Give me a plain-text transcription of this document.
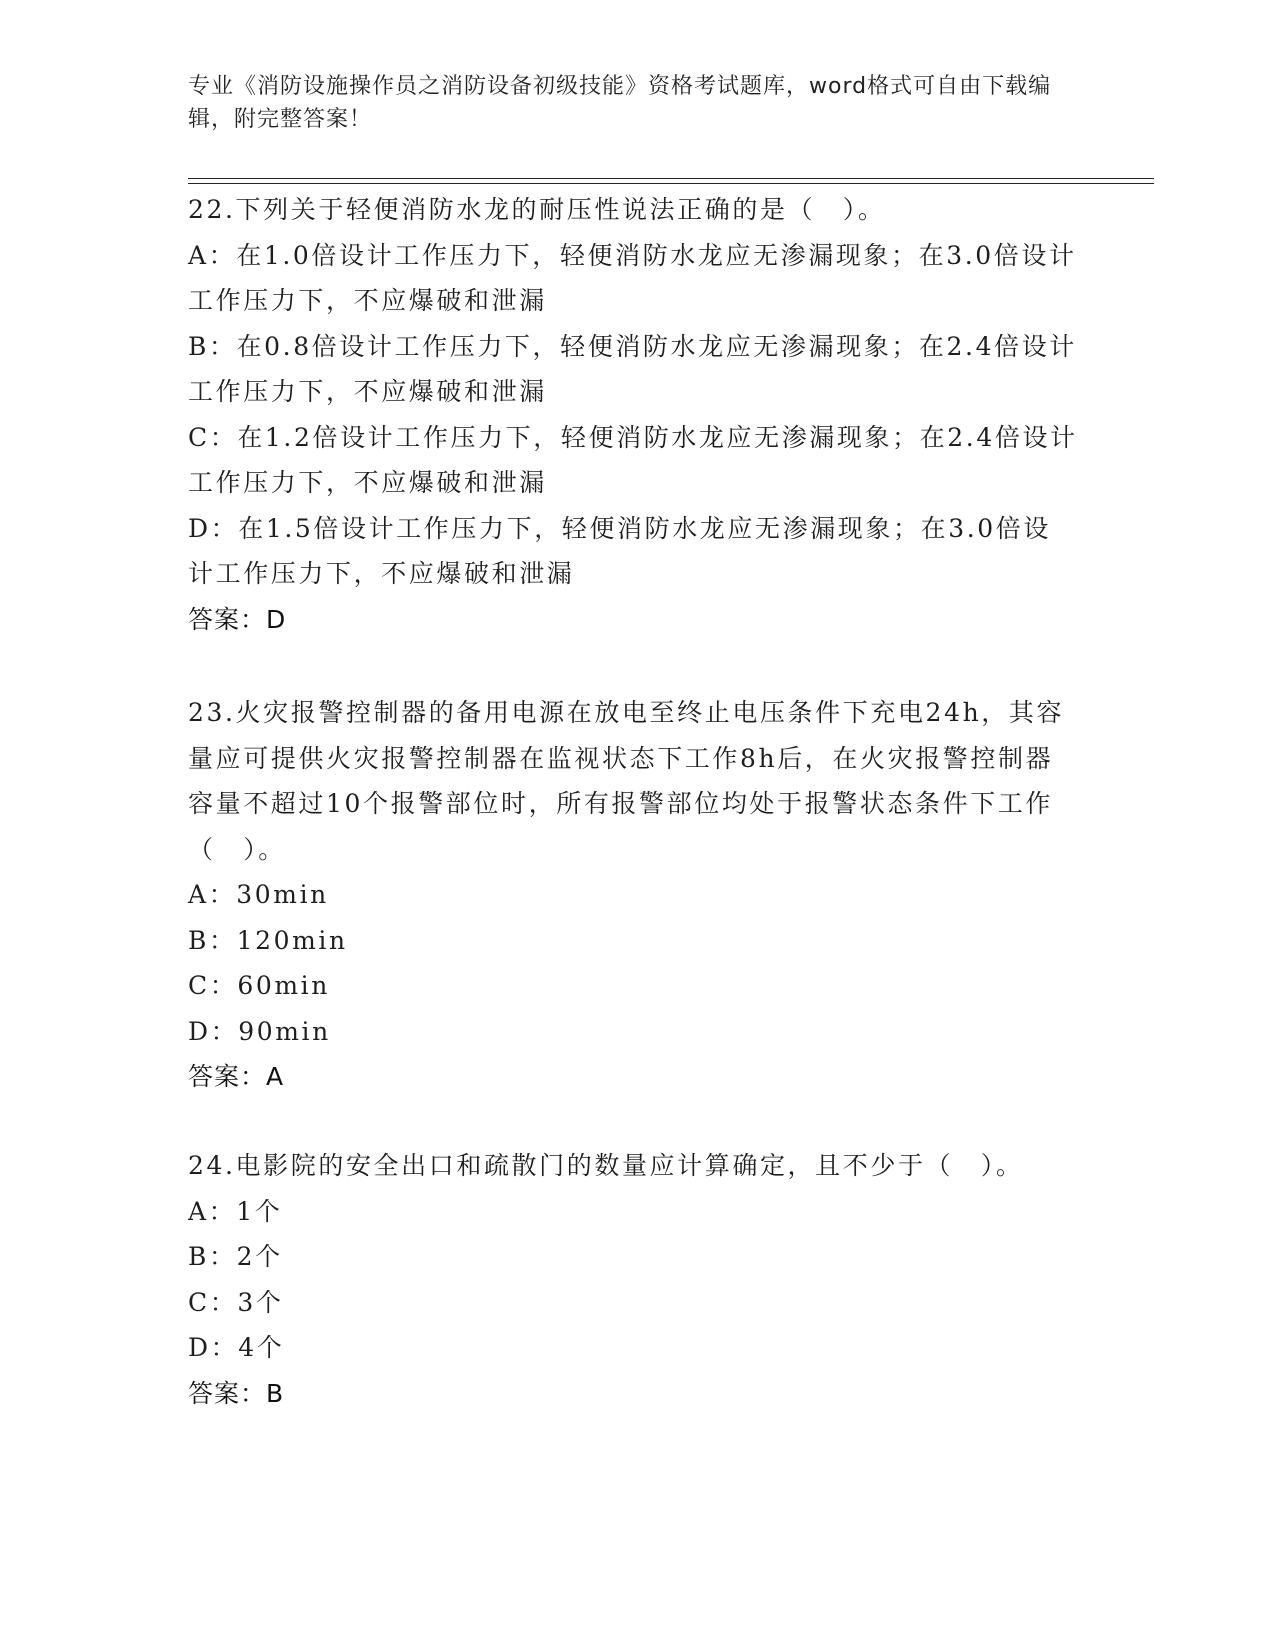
专业《消防设施操作员之消防设备初级技能》资格考试题库，word格式可自由下载编辑，附完整答案！

22.下列关于轻便消防水龙的耐压性说法正确的是（　）。

A：在1.0倍设计工作压力下，轻便消防水龙应无渗漏现象；在3.0倍设计工作压力下，不应爆破和泄漏

B：在0.8倍设计工作压力下，轻便消防水龙应无渗漏现象；在2.4倍设计工作压力下，不应爆破和泄漏

C：在1.2倍设计工作压力下，轻便消防水龙应无渗漏现象；在2.4倍设计工作压力下，不应爆破和泄漏

D：在1.5倍设计工作压力下，轻便消防水龙应无渗漏现象；在3.0倍设计工作压力下，不应爆破和泄漏

答案：D

23.火灾报警控制器的备用电源在放电至终止电压条件下充电24h，其容量应可提供火灾报警控制器在监视状态下工作8h后，在火灾报警控制器容量不超过10个报警部位时，所有报警部位均处于报警状态条件下工作（　）。

A：30min

B：120min

C：60min

D：90min

答案：A

24.电影院的安全出口和疏散门的数量应计算确定，且不少于（　）。

A：1个

B：2个

C：3个

D：4个

答案：B
